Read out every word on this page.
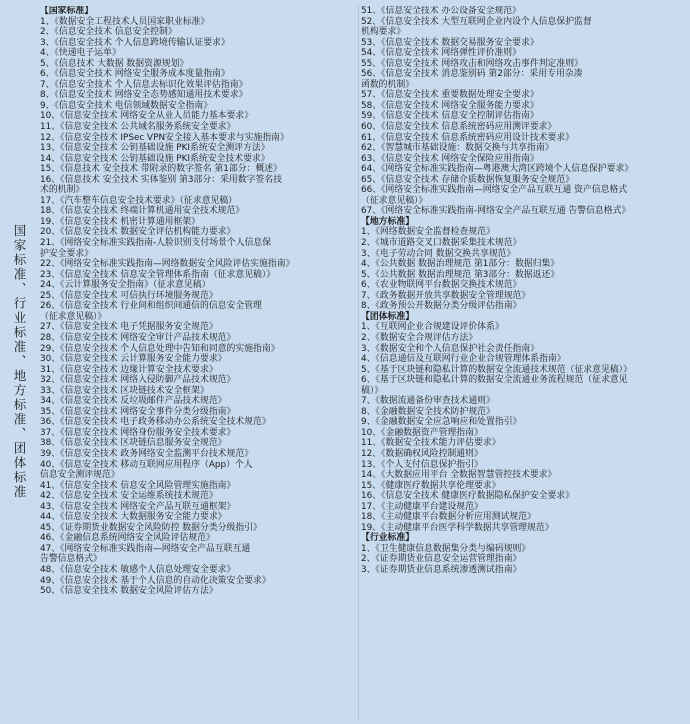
国家标准、行业标准、地方标准、团体标准
【国家标准】
1、《数据安全工程技术人员国家职业标准》
2、《信息安全技术 信息安全控制》
3、《信息安全技术 个人信息跨境传输认证要求》
4、《快递电子运单》
5、《信息技术 大数据 数据资源规划》
6、《信息安全技术 网络安全服务成本度量指南》
7、《信息安全技术 个人信息去标识化效果评估指南》
8、《信息安全技术 网络安全态势感知通用技术要求》
9、《信息安全技术 电信领域数据安全指南》
10、《信息安全技术 网络安全从业人员能力基本要求》
11、《信息安全技术 公共域名服务系统安全要求》
12、《信息安全技术 IPSec VPN安全接入基本要求与实施指南》
13、《信息安全技术 公钥基础设施 PKI系统安全测评方法》
14、《信息安全技术 公钥基础设施 PKI系统安全技术要求》
15、《信息技术 安全技术 带附录的数字签名 第1部分：概述》
16、《信息技术 安全技术 实体鉴别 第3部分：采用数字签名技
术的机制》
17、《汽车整车信息安全技术要求》（征求意见稿）
18、《信息安全技术 终端计算机通用安全技术规范》
19、《信息安全技术 机密计算通用框架》
20、《信息安全技术 数据安全评估机构能力要求》
21、《网络安全标准实践指南-人脸识别支付场景个人信息保
护安全要求》
22、《网络安全标准实践指南—网络数据安全风险评估实施指南》
23、《信息安全技术 信息安全管理体系指南（征求意见稿）》
24、《云计算服务安全指南》（征求意见稿）
25、《信息安全技术 可信执行环境服务规范》
26、《信息安全技术 行业间和组织间通信的信息安全管理
（征求意见稿）》
27、《信息安全技术 电子凭据服务安全规范》
28、《信息安全技术 网络安全审计产品技术规范》
29、《信息安全技术 个人信息处理中告知和同意的实施指南》
30、《信息安全技术 云计算服务安全能力要求》
31、《信息安全技术 边缘计算安全技术要求》
32、《信息安全技术 网络入侵防御产品技术规范》
33、《信息安全技术 区块链技术安全框架》
34、《信息安全技术 反垃圾邮件产品技术规范》
35、《信息安全技术 网络安全事件分类分级指南》
36、《信息安全技术 电子政务移动办公系统安全技术规范》
37、《信息安全技术 网络身份服务安全技术要求》
38、《信息安全技术 区块链信息服务安全规范》
39、《信息安全技术 政务网络安全监测平台技术规范》
40、《信息安全技术 移动互联网应用程序（App）个人
信息安全测评规范》
41、《信息安全技术 信息安全风险管理实施指南》
42、《信息安全技术 安全运维系统技术规范》
43、《信息安全技术 网络安全产品互联互通框架》
44、《信息安全技术 大数据服务安全能力要求》
45、《证券期货业数据安全风险防控 数据分类分级指引》
46、《金融信息系统网络安全风险评估规范》
47、《网络安全标准实践指南—网络安全产品互联互通
告警信息格式》
48、《信息安全技术 敏感个人信息处理安全要求》
49、《信息安全技术 基于个人信息的自动化决策安全要求》
50、《信息安全技术 数据安全风险评估方法》
51、《信息安全技术 办公设备安全规范》
52、《信息安全技术 大型互联网企业内设个人信息保护监督
机构要求》
53、《信息安全技术 数据交易服务安全要求》
54、《信息安全技术 网络弹性评价准则》
55、《信息安全技术 网络攻击和网络攻击事件判定准则》
56、《信息安全技术 消息鉴别码 第2部分：采用专用杂凑
函数的机制》
57、《信息安全技术 重要数据处理安全要求》
58、《信息安全技术 网络安全服务能力要求》
59、《信息安全技术 信息安全控制评估指南》
60、《信息安全技术 信息系统密码应用测评要求》
61、《信息安全技术 信息系统密码应用设计技术要求》
62、《智慧城市基础设施：数据交换与共享指南》
63、《信息安全技术 网络安全保险应用指南》
64、《网络安全标准实践指南—粤港澳大湾区跨境个人信息保护要求》
65、《信息安全技术 存储介质数据恢复服务安全规范》
66、《网络安全标准实践指南—网络安全产品互联互通 资产信息格式
（征求意见稿）》
67、《网络安全标准实践指南-网络安全产品互联互通 告警信息格式》
【地方标准】
1、《网络数据安全监督检查规范》
2、《城市道路交叉口数据采集技术规范》
3、《电子劳动合同 数据交换共享规范》
4、《公共数据 数据治理规范 第1部分：数据归集》
5、《公共数据 数据治理规范 第3部分：数据返还》
6、《农业物联网平台数据交换技术规范》
7、《政务数据开放共享数据安全管理规范》
8、《政务预公开数据分类分级评估指南》
【团体标准】
1、《互联网企业合规建设评价体系》
2、《数据安全合规评估方法》
3、《数据安全和个人信息保护社会责任指南》
4、《信息通信及互联网行业企业合规管理体系指南》
5、《基于区块链和隐私计算的数据安全流通技术规范（征求意见稿）》
6、《基于区块链和隐私计算的数据安全流通业务流程规范（征求意见
稿）》
7、《数据流通备份审查技术通则》
8、《金融数据安全技术防护规范》
9、《金融数据安全应急响应和处置指引》
10、《金融数据资产管理指南》
11、《数据安全技术能力评估要求》
12、《数据确权风险控制通则》
13、《个人支付信息保护指引》
14、《大数据应用平台 全数据智慧管控技术要求》
15、《健康医疗数据共享伦理要求》
16、《信息安全技术 健康医疗数据隐私保护安全要求》
17、《主动健康平台建设规范》
18、《主动健康平台数据分析应用测试规范》
19、《主动健康平台医学科学数据共享管理规范》
【行业标准】
1、《卫生健康信息数据集分类与编码规则》
2、《证券期货业信息安全运营管理指南》
3、《证券期货业信息系统渗透测试指南》
